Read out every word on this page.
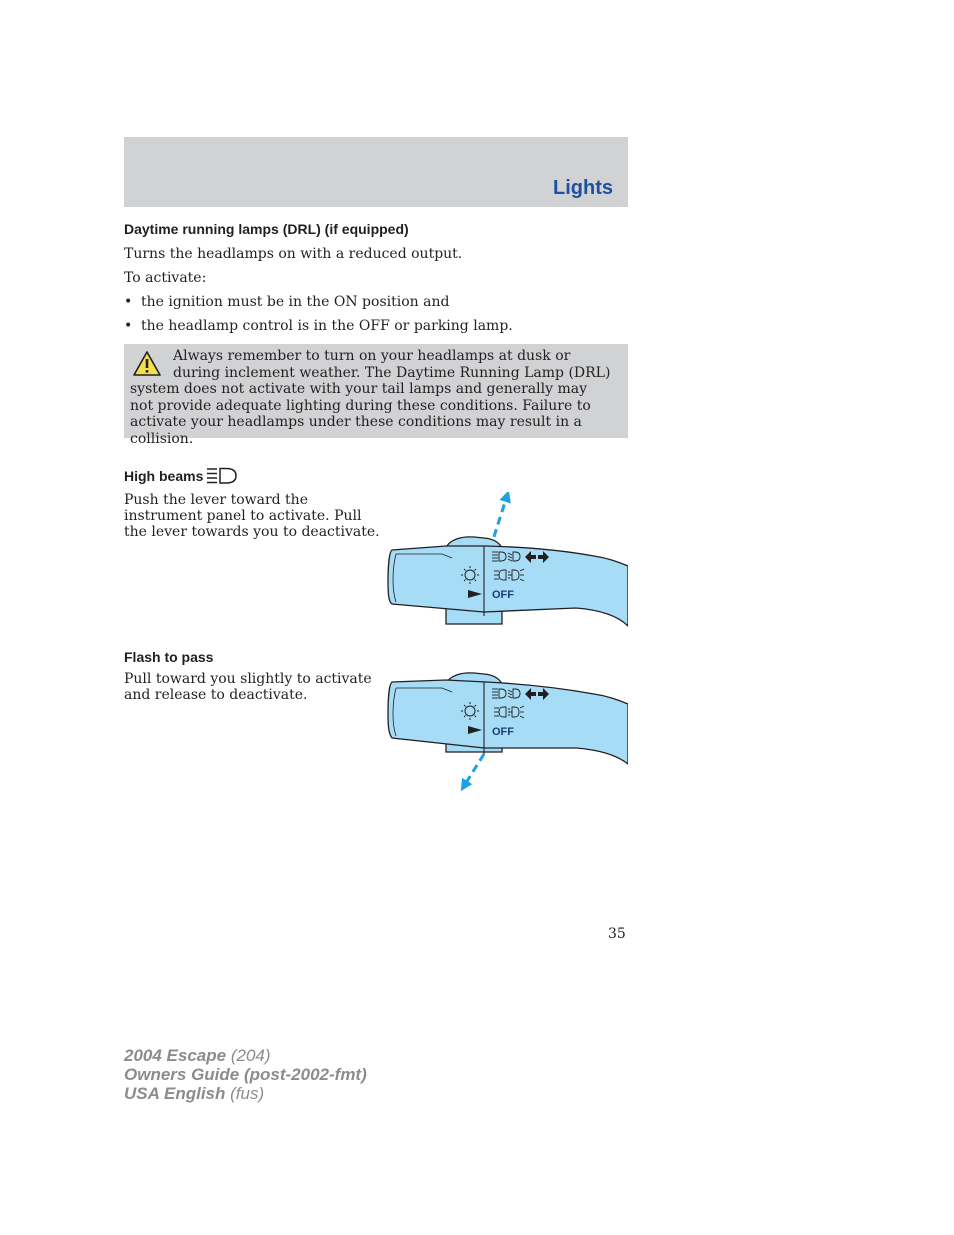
Lights
Daytime running lamps (DRL) (if equipped)
Turns the headlamps on with a reduced output.
To activate:
• the ignition must be in the ON position and
• the headlamp control is in the OFF or parking lamp.
Always remember to turn on your headlamps at dusk or during inclement weather. The Daytime Running Lamp (DRL) system does not activate with your tail lamps and generally may not provide adequate lighting during these conditions. Failure to activate your headlamps under these conditions may result in a collision.
High beams
Push the lever toward the
instrument panel to activate. Pull
the lever towards you to deactivate.
OFF
Flash to pass
Pull toward you slightly to activate
and release to deactivate.
OFF
35
2004 Escape (204)
Owners Guide (post-2002-fmt)
USA English (fus)
